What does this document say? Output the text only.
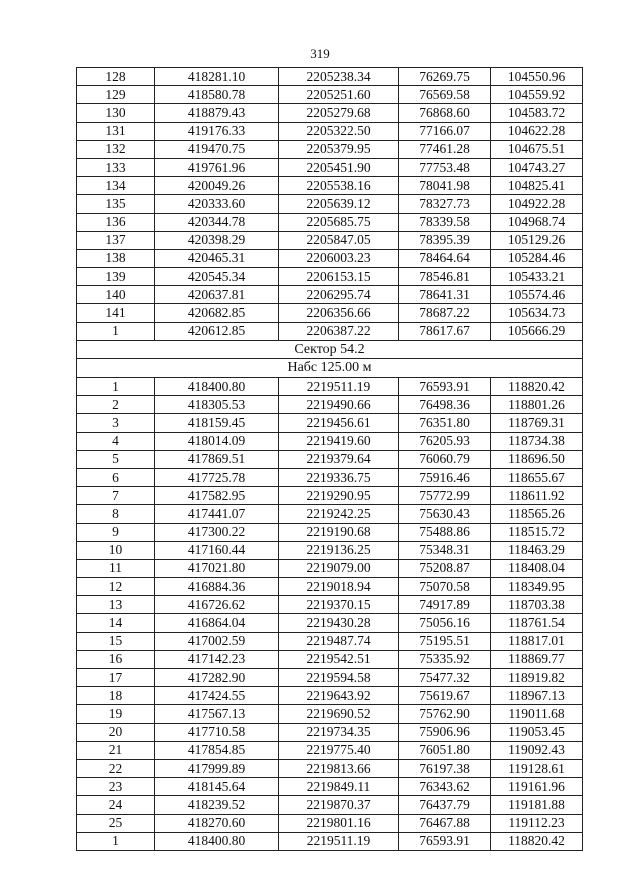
319
128	418281.10	2205238.34	76269.75	104550.96
129	418580.78	2205251.60	76569.58	104559.92
130	418879.43	2205279.68	76868.60	104583.72
131	419176.33	2205322.50	77166.07	104622.28
132	419470.75	2205379.95	77461.28	104675.51
133	419761.96	2205451.90	77753.48	104743.27
134	420049.26	2205538.16	78041.98	104825.41
135	420333.60	2205639.12	78327.73	104922.28
136	420344.78	2205685.75	78339.58	104968.74
137	420398.29	2205847.05	78395.39	105129.26
138	420465.31	2206003.23	78464.64	105284.46
139	420545.34	2206153.15	78546.81	105433.21
140	420637.81	2206295.74	78641.31	105574.46
141	420682.85	2206356.66	78687.22	105634.73
1	420612.85	2206387.22	78617.67	105666.29
Сектор 54.2				
Набс 125.00 м				
1	418400.80	2219511.19	76593.91	118820.42
2	418305.53	2219490.66	76498.36	118801.26
3	418159.45	2219456.61	76351.80	118769.31
4	418014.09	2219419.60	76205.93	118734.38
5	417869.51	2219379.64	76060.79	118696.50
6	417725.78	2219336.75	75916.46	118655.67
7	417582.95	2219290.95	75772.99	118611.92
8	417441.07	2219242.25	75630.43	118565.26
9	417300.22	2219190.68	75488.86	118515.72
10	417160.44	2219136.25	75348.31	118463.29
11	417021.80	2219079.00	75208.87	118408.04
12	416884.36	2219018.94	75070.58	118349.95
13	416726.62	2219370.15	74917.89	118703.38
14	416864.04	2219430.28	75056.16	118761.54
15	417002.59	2219487.74	75195.51	118817.01
16	417142.23	2219542.51	75335.92	118869.77
17	417282.90	2219594.58	75477.32	118919.82
18	417424.55	2219643.92	75619.67	118967.13
19	417567.13	2219690.52	75762.90	119011.68
20	417710.58	2219734.35	75906.96	119053.45
21	417854.85	2219775.40	76051.80	119092.43
22	417999.89	2219813.66	76197.38	119128.61
23	418145.64	2219849.11	76343.62	119161.96
24	418239.52	2219870.37	76437.79	119181.88
25	418270.60	2219801.16	76467.88	119112.23
1	418400.80	2219511.19	76593.91	118820.42
